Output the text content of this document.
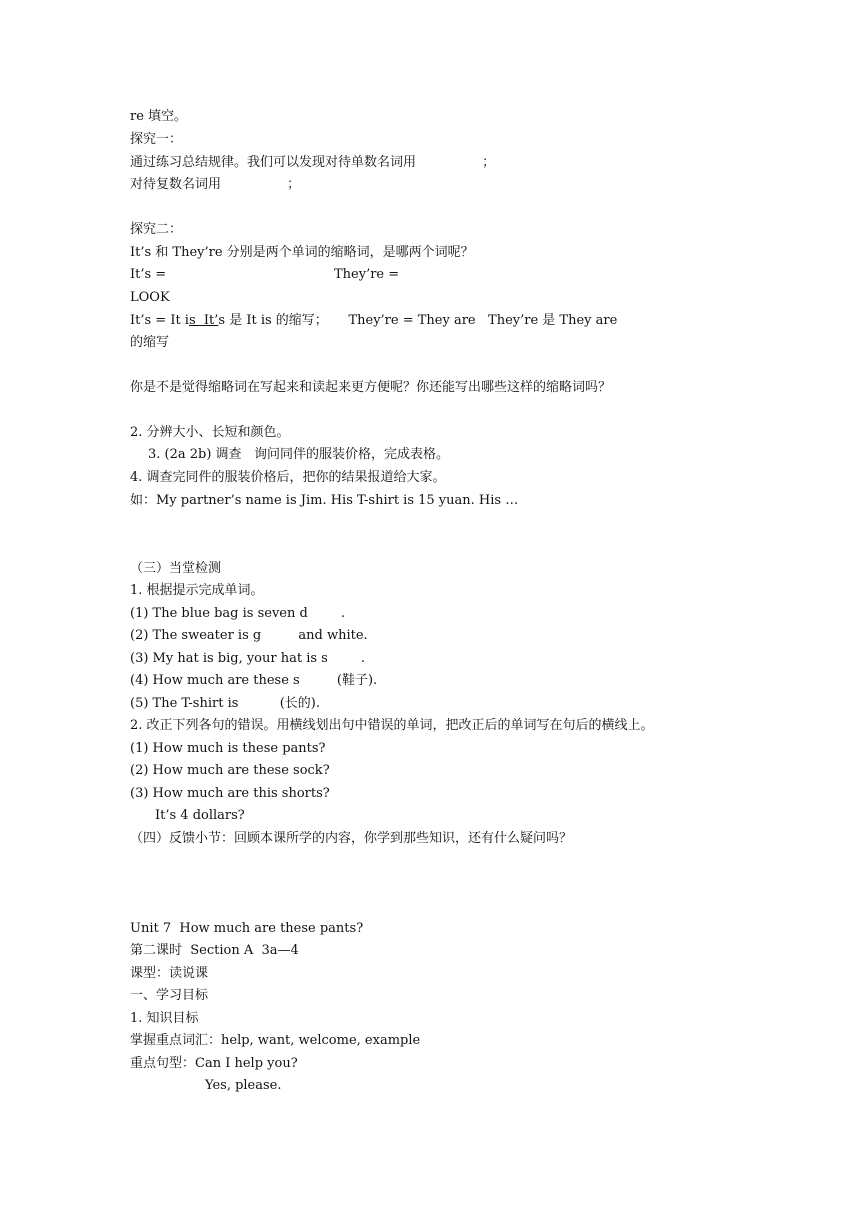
re 填空。
探究一：
通过练习总结规律。我们可以发现对待单数名词用                ；
对待复数名词用                ；
探究二：
It’s 和 They’re 分别是两个单词的缩略词，是哪两个词呢？
It’s =	They’re =
LOOK
It’s = It is  It’s 是 It is 的缩写；     They’re = They are   They’re 是 They are
的缩写
你是不是觉得缩略词在写起来和读起来更方便呢？你还能写出哪些这样的缩略词吗？
2. 分辨大小、长短和颜色。
3. (2a 2b) 调查   询问同伴的服装价格，完成表格。
4. 调查完同件的服装价格后，把你的结果报道给大家。
如：My partner’s name is Jim. His T-shirt is 15 yuan. His …
（三）当堂检测
1. 根据提示完成单词。
(1) The blue bag is seven d        .
(2) The sweater is g         and white.
(3) My hat is big, your hat is s        .
(4) How much are these s         (鞋子).
(5) The T-shirt is          (长的).
2. 改正下列各句的错误。用横线划出句中错误的单词，把改正后的单词写在句后的横线上。
(1) How much is these pants?
(2) How much are these sock?
(3) How much are this shorts?
It’s 4 dollars?
（四）反馈小节：回顾本课所学的内容，你学到那些知识，还有什么疑问吗？
Unit 7  How much are these pants?
第二课时  Section A  3a—4
课型：读说课
一、学习目标
1. 知识目标
掌握重点词汇：help, want, welcome, example
重点句型：Can I help you?
Yes, please.
